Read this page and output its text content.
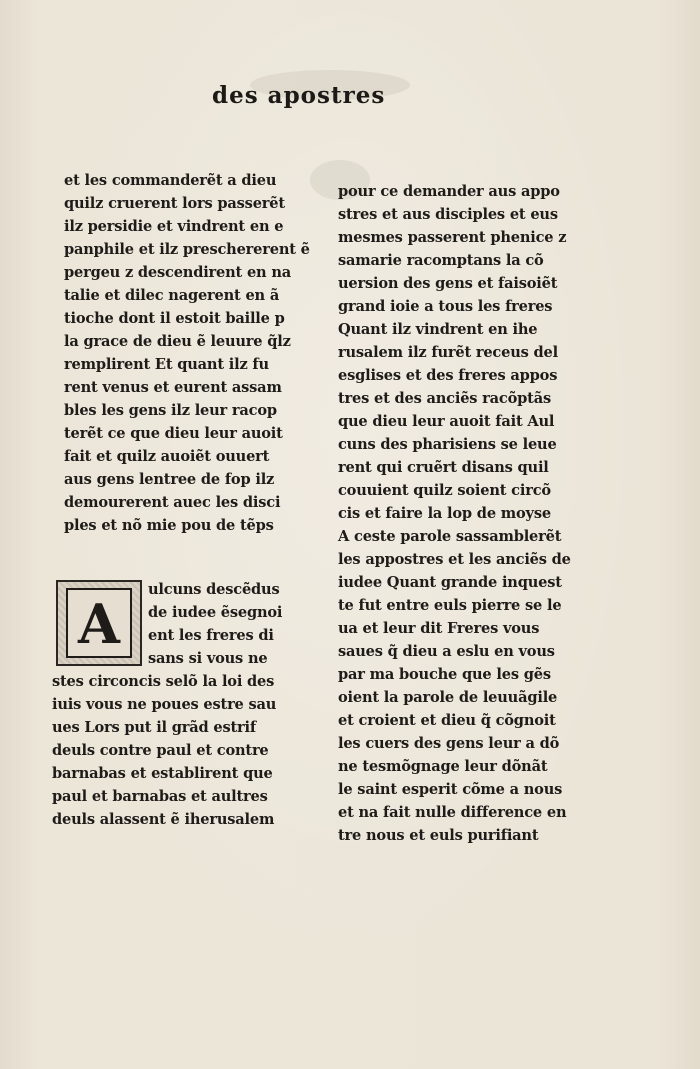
des apostres
et les commanderẽt a dieu
quilz cruerent lors passerẽt
ilz persidie et vindrent en e
panphile et ilz preschererent ẽ
pergeu z descendirent en na
talie et dilec nagerent en ã
tioche dont il estoit baille p
la grace de dieu ẽ leuure q̃lz
remplirent Et quant ilz fu
rent venus et eurent assam
bles les gens ilz leur racop
terẽt ce que dieu leur auoit
fait et quilz auoiẽt ouuert
aus gens lentree de fop ilz
demourerent auec les disci
ples et nõ mie pou de tẽps
A
ulcuns descẽdus
de iudee ẽsegnoi
ent les freres di
sans si vous ne
stes circoncis selõ la loi des
iuis vous ne poues estre sau
ues Lors put il grãd estrif
deuls contre paul et contre
barnabas et establirent que
paul et barnabas et aultres
deuls alassent ẽ iherusalem
pour ce demander aus appo
stres et aus disciples et eus
mesmes passerent phenice z
samarie racomptans la cõ
uersion des gens et faisoiẽt
grand ioie a tous les freres
Quant ilz vindrent en ihe
rusalem ilz furẽt receus del
esglises et des freres appos
tres et des anciẽs racõptãs
que dieu leur auoit fait Aul
cuns des pharisiens se leue
rent qui cruẽrt disans quil
couuient quilz soient circõ
cis et faire la lop de moyse
A ceste parole sassamblerẽt
les appostres et les anciẽs de
iudee Quant grande inquest
te fut entre euls pierre se le
ua et leur dit Freres vous
saues q̃ dieu a eslu en vous
par ma bouche que les gẽs
oient la parole de leuuãgile
et croient et dieu q̃ cõgnoit
les cuers des gens leur a dõ
ne tesmõgnage leur dõnãt
le saint esperit cõme a nous
et na fait nulle difference en
tre nous et euls purifiant
